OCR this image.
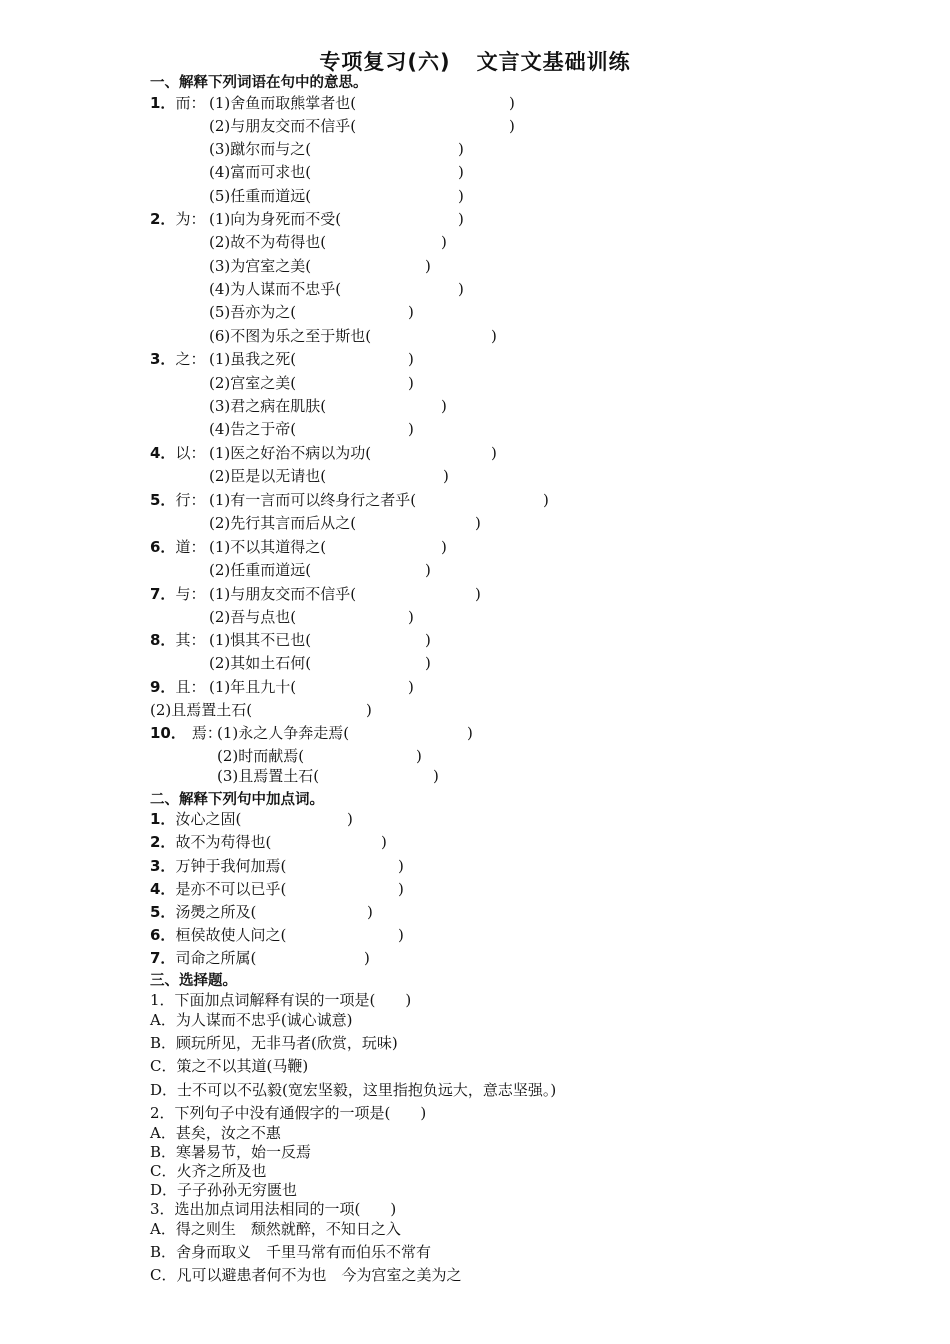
专项复习(六) 文言文基础训练
一、解释下列词语在句中的意思。
1．而： (1)舍鱼而取熊掌者也(	)
(2)与朋友交而不信乎(	)
(3)蹴尔而与之(	)
(4)富而可求也(	)
(5)任重而道远(	)
2．为： (1)向为身死而不受(	)
(2)故不为苟得也(	)
(3)为宫室之美(	)
(4)为人谋而不忠乎(	)
(5)吾亦为之(	)
(6)不图为乐之至于斯也(	)
3．之： (1)虽我之死(	)
(2)宫室之美(	)
(3)君之病在肌肤(	)
(4)告之于帝(	)
4．以： (1)医之好治不病以为功(	)
(2)臣是以无请也(	)
5．行： (1)有一言而可以终身行之者乎(	)
(2)先行其言而后从之(	)
6．道： (1)不以其道得之(	)
(2)任重而道远(	)
7．与： (1)与朋友交而不信乎(	)
(2)吾与点也(	)
8．其： (1)惧其不已也(	)
(2)其如土石何(	)
9．且： (1)年且九十(	)
(2)且焉置土石(	)
10． 焉：
(1)永之人争奔走焉(	)
(2)时而献焉(	)
(3)且焉置土石(	)
二、解释下列句中加点词。
1．汝心之固(	)
2．故不为苟得也(	)
3．万钟于我何加焉(	)
4．是亦不可以已乎(	)
5．汤爂之所及(	)
6．桓侯故使人问之(	)
7．司命之所属(	)
三、选择题。
1．下面加点词解释有误的一项是(　　)
A．为人谋而不忠乎(诚心诚意)
B．顾玩所见，无非马者(欣赏，玩味)
C．策之不以其道(马鞭)
D．士不可以不弘毅(宽宏坚毅，这里指抱负远大，意志坚强。)
2．下列句子中没有通假字的一项是(　　)
A．甚矣，汝之不惠
B．寒暑易节，始一反焉
C．火齐之所及也
D．子子孙孙无穷匮也
3．选出加点词用法相同的一项(　　)
A．得之则生　颓然就醉，不知日之入
B．舍身而取义　千里马常有而伯乐不常有
C．凡可以避患者何不为也　今为宫室之美为之
